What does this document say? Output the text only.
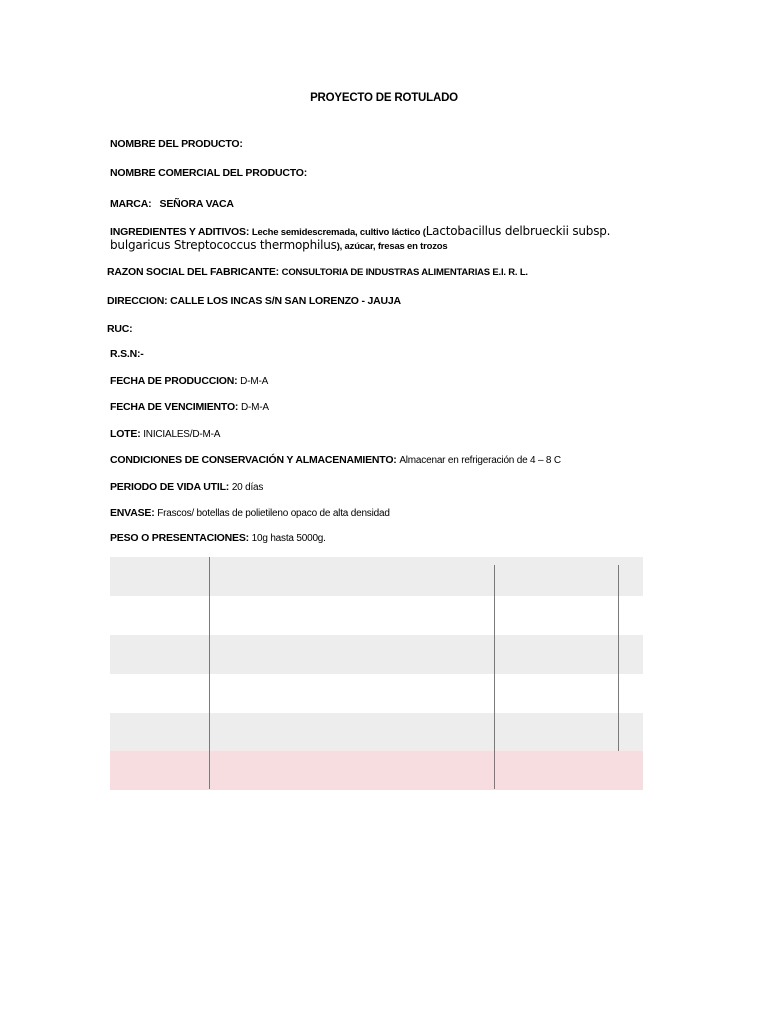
PROYECTO DE ROTULADO
NOMBRE DEL PRODUCTO:
NOMBRE COMERCIAL DEL PRODUCTO:
MARCA: SEÑORA VACA
INGREDIENTES Y ADITIVOS: Leche semidescremada, cultivo láctico (Lactobacillus delbrueckii subsp.
bulgaricus Streptococcus thermophilus), azúcar, fresas en trozos
RAZON SOCIAL DEL FABRICANTE: CONSULTORIA DE INDUSTRAS ALIMENTARIAS E.I. R. L.
DIRECCION: CALLE LOS INCAS S/N SAN LORENZO - JAUJA
RUC:
R.S.N:-
FECHA DE PRODUCCION: D-M-A
FECHA DE VENCIMIENTO: D-M-A
LOTE: INICIALES/D-M-A
CONDICIONES DE CONSERVACIÓN Y ALMACENAMIENTO: Almacenar en refrigeración de 4 – 8 C
PERIODO DE VIDA UTIL: 20 días
ENVASE: Frascos/ botellas de polietileno opaco de alta densidad
PESO O PRESENTACIONES: 10g hasta 5000g.
